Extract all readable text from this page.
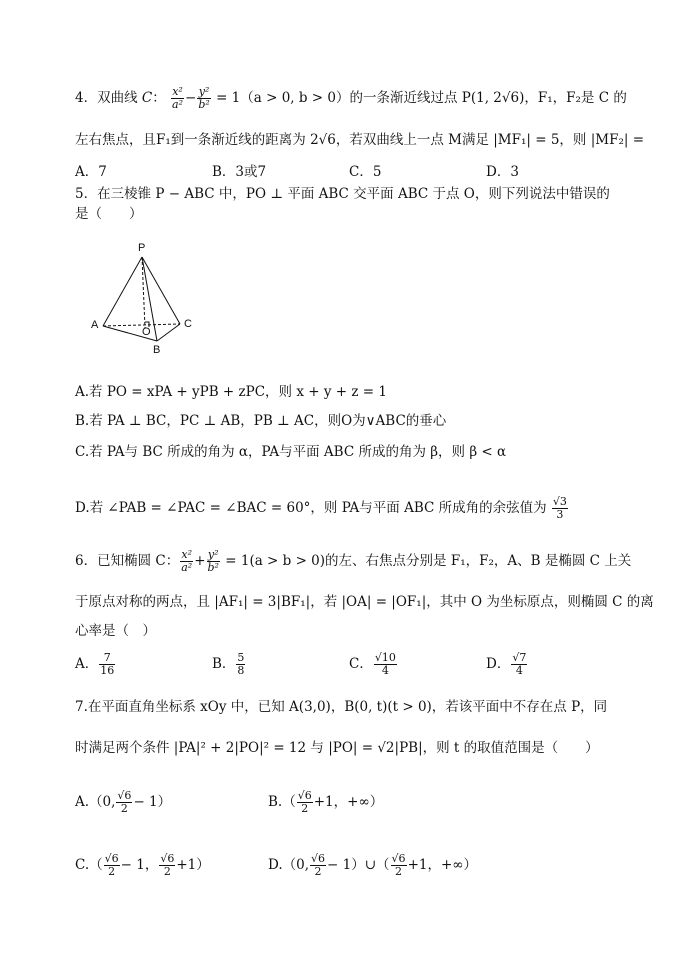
4．双曲线 C： $\frac{\text{x²}}{\text{a²}} - \frac{\text{y²}}{\text{b²}} = 1(a > 0$, b > 0）的一条渐近线过点 P(1, 2√6)，F₁，F₂是 C 的
左右焦点，且F₁到一条渐近线的距离为 2√6，若双曲线上一点 M满足 |MF₁| = 5，则 |MF₂| =
A．7	B．3或7	C．5	D．3
5．在三棱锥 P − ABC 中，PO ⊥ 平面 ABC 交平面 ABC 于点 O，则下列说法中错误的
是（　　）
P
A
O
B
C
A.若 PO = xPA + yPB + zPC，则 x + y + z = 1
B.若 PA ⊥ BC，PC ⊥ AB，PB ⊥ AC，则O为∨ABC的垂心
C.若 PA与 BC 所成的角为 α，PA与平面 ABC 所成的角为 β，则 β < α
D.若 ∠PAB = ∠PAC = ∠BAC = 60°，则 PA与平面 ABC 所成角的余弦值为 $\frac{√3}{3}$
6．已知椭圆 C： $\frac{\text{x²}}{\text{a²}} + \frac{\text{y²}}{\text{b²}} = 1(a > b > 0)$的左、右焦点分别是 F₁，F₂，A、B 是椭圆 C 上关
于原点对称的两点，且 |AF₁| = 3|BF₁|，若 |OA| = |OF₁|，其中 O 为坐标原点，则椭圆 C 的离
心率是（　）
A． $\frac{7}{16}$	B． $\frac{5}{8}$	C． $\frac{√10}{4}$	D． $\frac{√7}{4}$
7.在平面直角坐标系 xOy 中，已知 A(3,0)，B(0, t)(t > 0)，若该平面中不存在点 P，同
时满足两个条件 |PA|² + 2|PO|² = 12 与 |PO| = √2|PB|，则 t 的取值范围是（　　）
A.（0, $\frac{√6}{2} - 1$）	$B.( \frac{√6}{2} +1$，+∞）
$C.( \frac{√6}{2} - 1$， $\frac{√6}{2} +1$）	D.（0, $\frac{√6}{2}$ − 1）∪（ $\frac{√6}{2} +1$，+∞）
